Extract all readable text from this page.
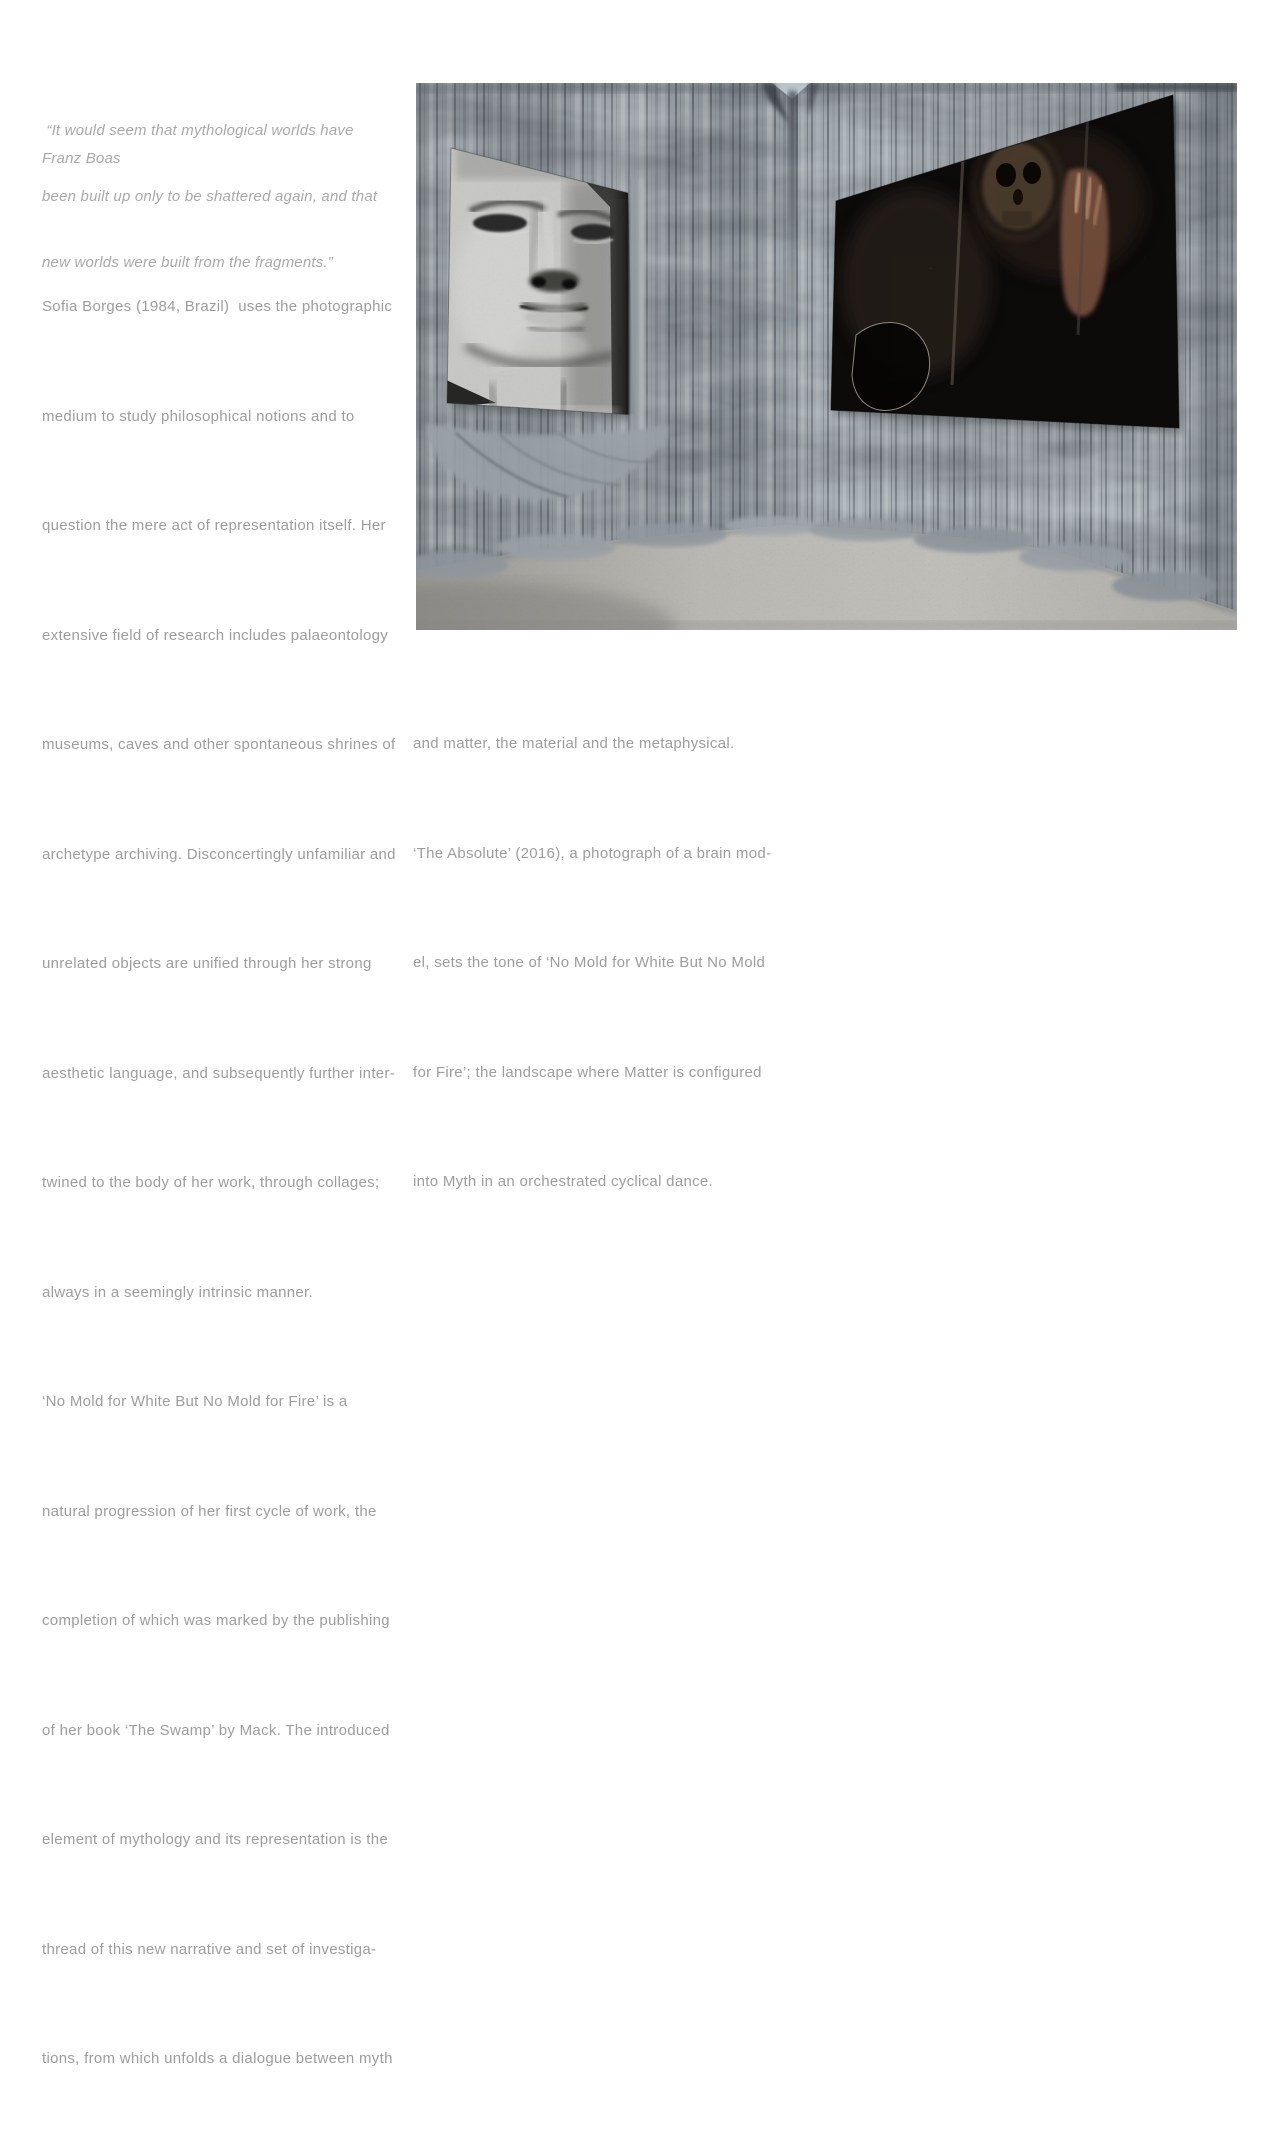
“It would seem that mythological worlds have

been built up only to be shattered again, and that

new worlds were built from the fragments.”

Franz Boas

Sofia Borges (1984, Brazil)  uses the photographic

medium to study philosophical notions and to

question the mere act of representation itself. Her

extensive field of research includes palaeontology

museums, caves and other spontaneous shrines of

archetype archiving. Disconcertingly unfamiliar and

unrelated objects are unified through her strong

aesthetic language, and subsequently further inter-

twined to the body of her work, through collages;

always in a seemingly intrinsic manner.

‘No Mold for White But No Mold for Fire’ is a

natural progression of her first cycle of work, the

completion of which was marked by the publishing

of her book ‘The Swamp’ by Mack. The introduced

element of mythology and its representation is the

thread of this new narrative and set of investiga-

tions, from which unfolds a dialogue between myth

and matter, the material and the metaphysical.

‘The Absolute’ (2016), a photograph of a brain mod-

el, sets the tone of ‘No Mold for White But No Mold

for Fire’; the landscape where Matter is configured

into Myth in an orchestrated cyclical dance.
